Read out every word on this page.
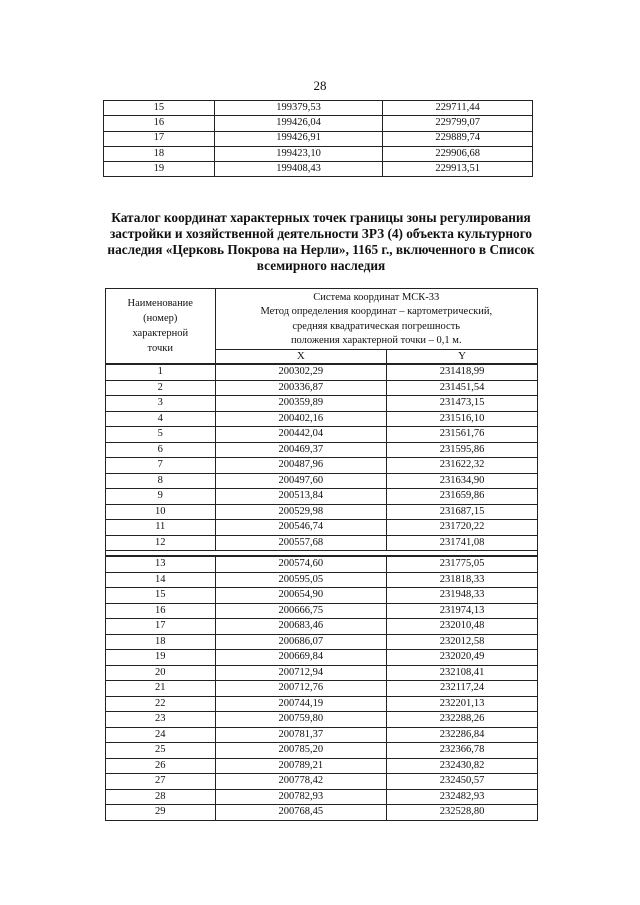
28
15	199379,53	229711,44
16	199426,04	229799,07
17	199426,91	229889,74
18	199423,10	229906,68
19	199408,43	229913,51
Каталог координат характерных точек границы зоны регулирования застройки и хозяйственной деятельности ЗРЗ (4) объекта культурного наследия «Церковь Покрова на Нерли», 1165 г., включенного в Список всемирного наследия
Наименование
(номер)
характерной
точки	Система координат МСК-33
Метод определения координат – картометрический,
средняя квадратическая погрешность
положения характерной точки – 0,1 м.	
	X	Y
1	200302,29	231418,99
2	200336,87	231451,54
3	200359,89	231473,15
4	200402,16	231516,10
5	200442,04	231561,76
6	200469,37	231595,86
7	200487,96	231622,32
8	200497,60	231634,90
9	200513,84	231659,86
10	200529,98	231687,15
11	200546,74	231720,22
12	200557,68	231741,08

13	200574,60	231775,05
14	200595,05	231818,33
15	200654,90	231948,33
16	200666,75	231974,13
17	200683,46	232010,48
18	200686,07	232012,58
19	200669,84	232020,49
20	200712,94	232108,41
21	200712,76	232117,24
22	200744,19	232201,13
23	200759,80	232288,26
24	200781,37	232286,84
25	200785,20	232366,78
26	200789,21	232430,82
27	200778,42	232450,57
28	200782,93	232482,93
29	200768,45	232528,80
